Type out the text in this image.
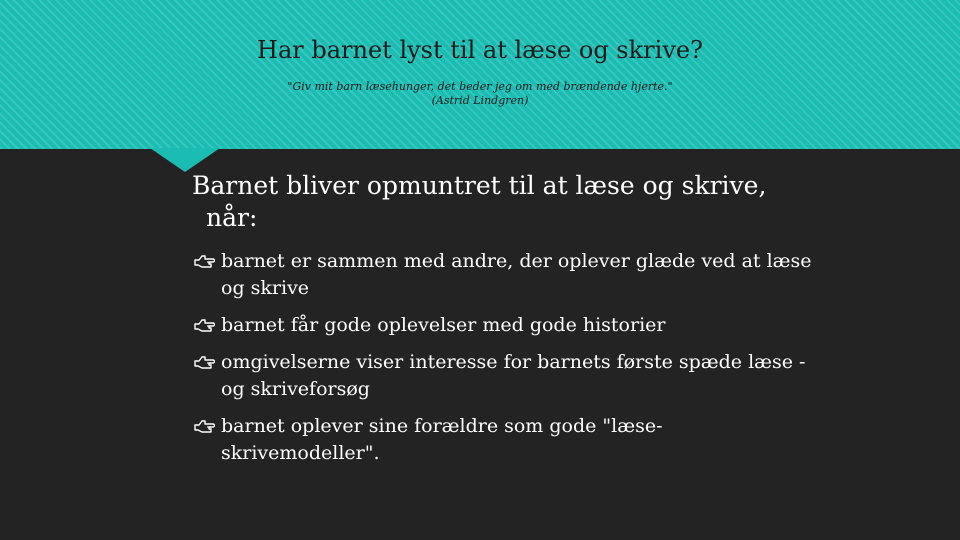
Har barnet lyst til at læse og skrive?
"Giv mit barn læsehunger, det beder jeg om med brændende hjerte."
(Astrid Lindgren)
Barnet bliver opmuntret til at læse og skrive,
når:
barnet er sammen med andre, der oplever glæde ved at læse og skrive
barnet får gode oplevelser med gode historier
omgivelserne viser interesse for barnets første spæde læse - og skriveforsøg
barnet oplever sine forældre som gode "læse-skrivemodeller".
